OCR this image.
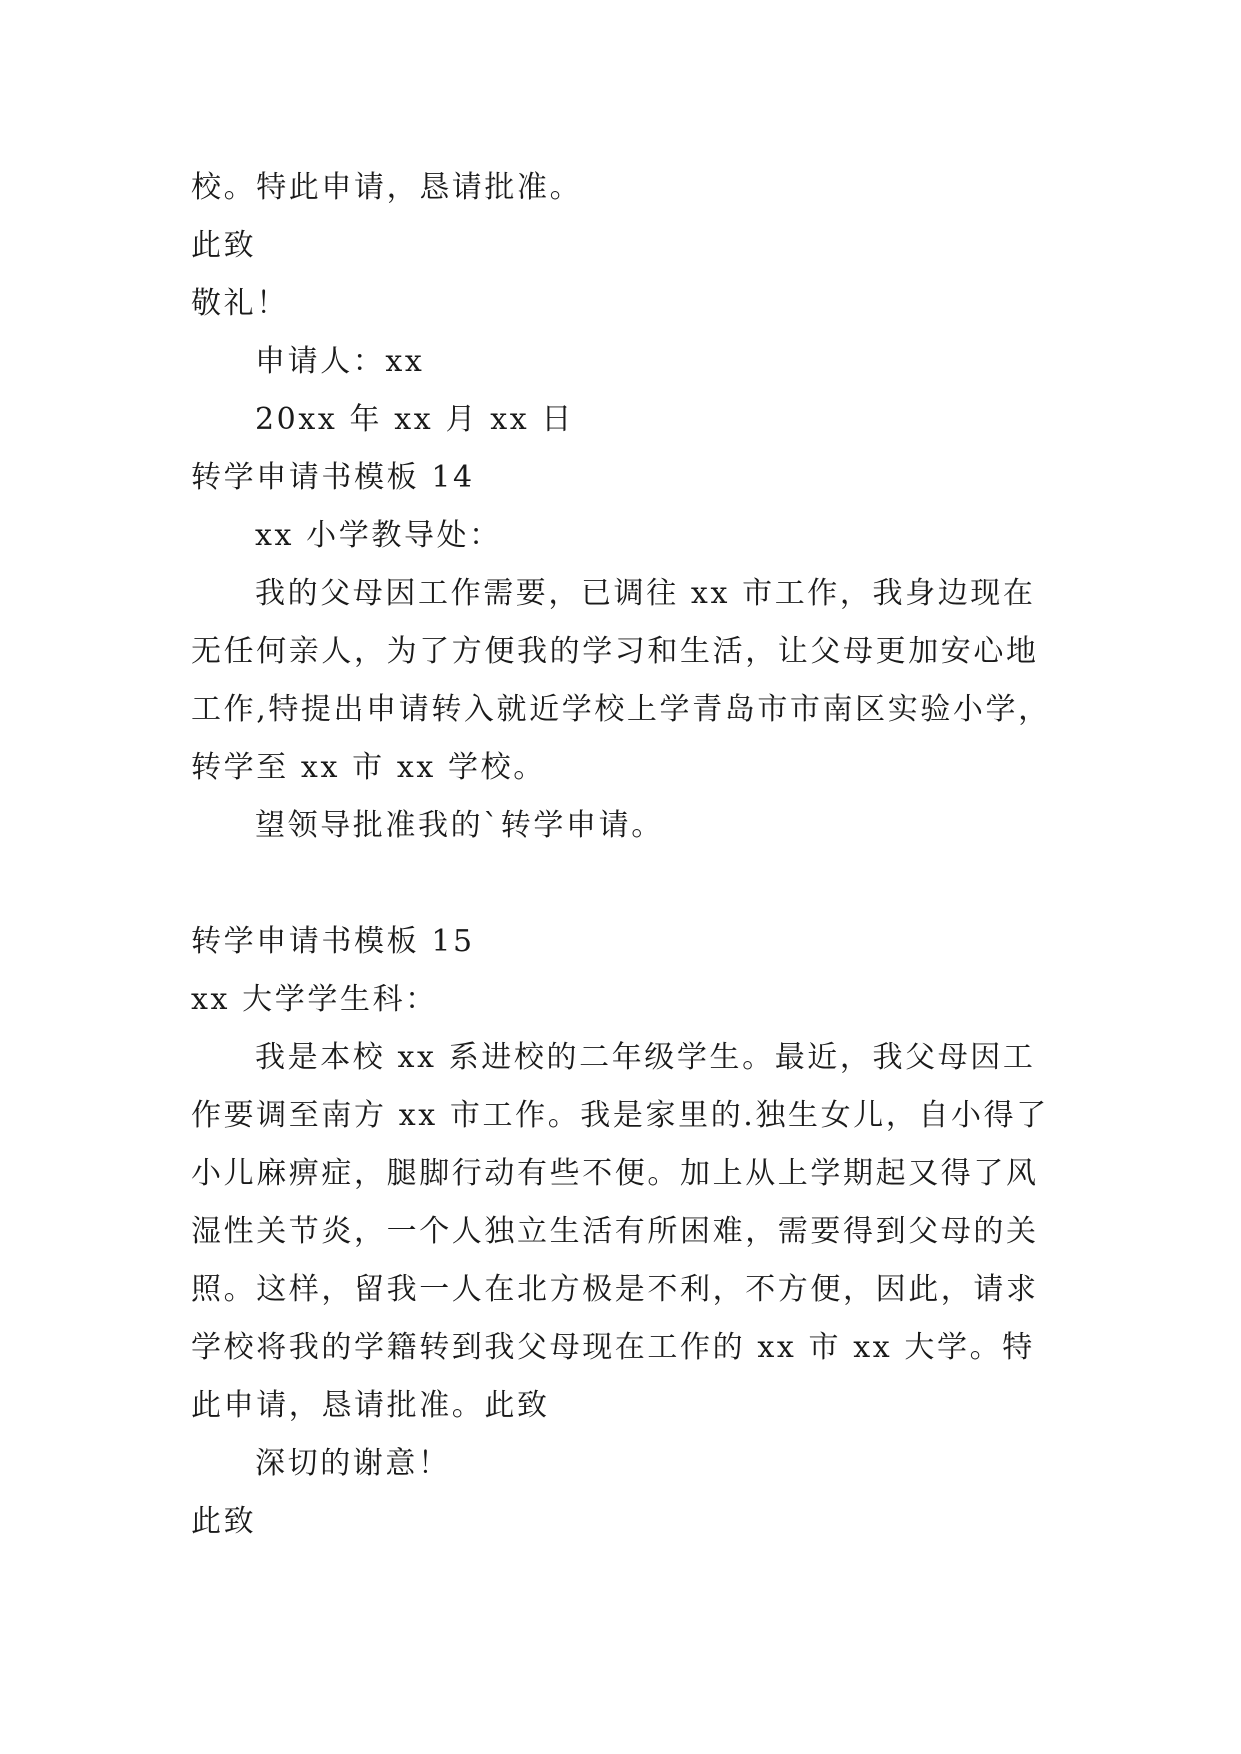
校。特此申请，恳请批准。

此致

敬礼！

申请人：xx

20xx 年 xx 月 xx 日

转学申请书模板 14

xx 小学教导处：

我的父母因工作需要，已调往 xx 市工作，我身边现在无任何亲人，为了方便我的学习和生活，让父母更加安心地工作,特提出申请转入就近学校上学青岛市市南区实验小学，转学至 xx 市 xx 学校。

望领导批准我的`转学申请。

转学申请书模板 15

xx 大学学生科：

我是本校 xx 系进校的二年级学生。最近，我父母因工作要调至南方 xx 市工作。我是家里的.独生女儿，自小得了小儿麻痹症，腿脚行动有些不便。加上从上学期起又得了风湿性关节炎，一个人独立生活有所困难，需要得到父母的关照。这样，留我一人在北方极是不利，不方便，因此，请求学校将我的学籍转到我父母现在工作的 xx 市 xx 大学。特此申请，恳请批准。此致

深切的谢意！

此致
